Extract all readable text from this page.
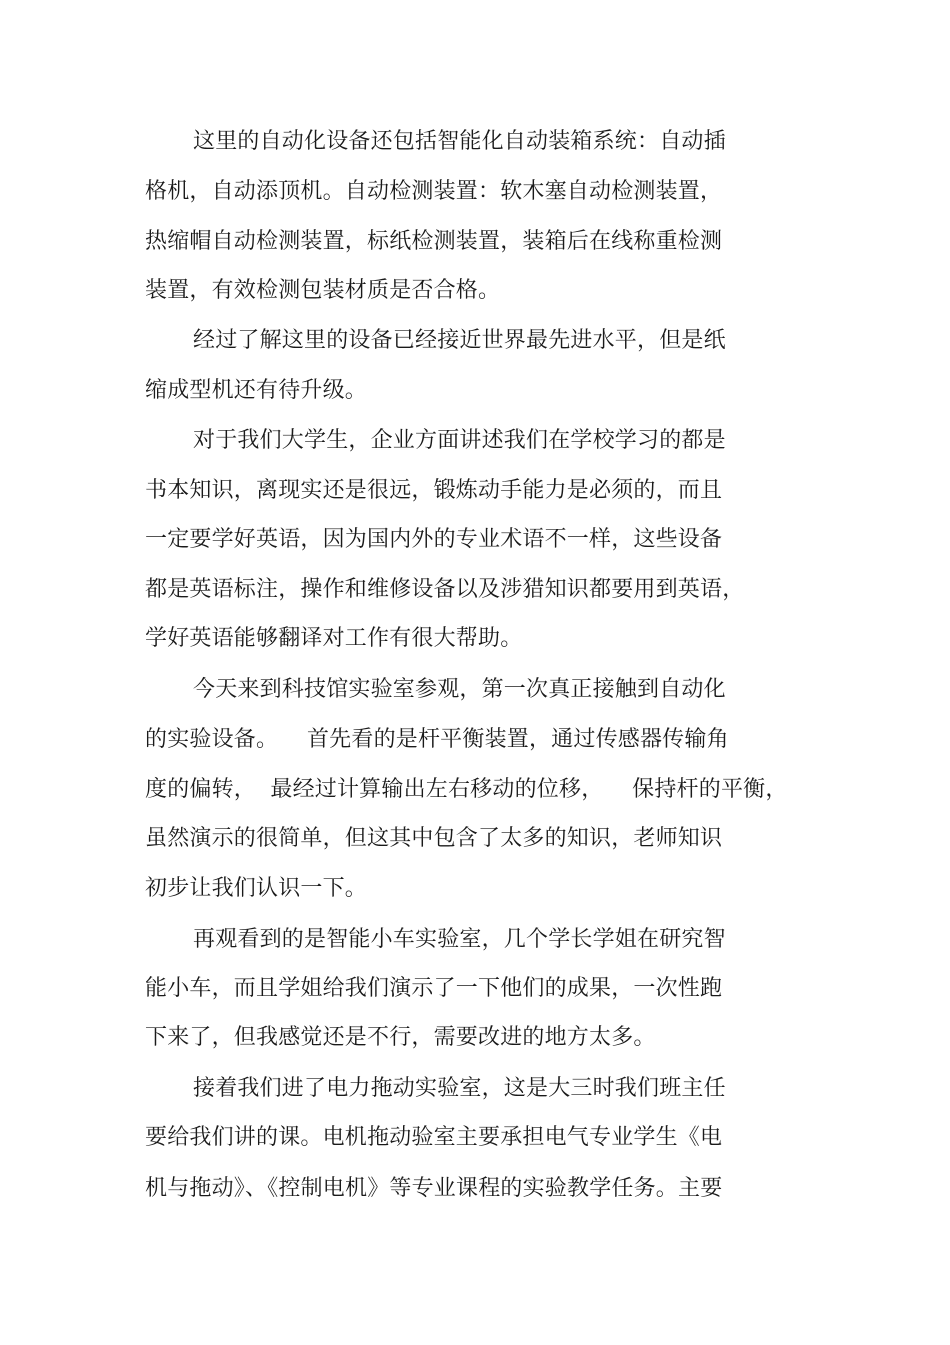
这里的自动化设备还包括智能化自动装箱系统：自动插
格机，自动添顶机。自动检测装置：软木塞自动检测装置，
热缩帽自动检测装置，标纸检测装置，装箱后在线称重检测
装置，有效检测包装材质是否合格。
经过了解这里的设备已经接近世界最先进水平，但是纸
缩成型机还有待升级。
对于我们大学生，企业方面讲述我们在学校学习的都是
书本知识，离现实还是很远，锻炼动手能力是必须的，而且
一定要学好英语，因为国内外的专业术语不一样，这些设备
都是英语标注，操作和维修设备以及涉猎知识都要用到英语，
学好英语能够翻译对工作有很大帮助。
今天来到科技馆实验室参观，第一次真正接触到自动化
的实验设备。    首先看的是杆平衡装置，通过传感器传输角
度的偏转，  最经过计算输出左右移动的位移，    保持杆的平衡，
虽然演示的很简单，但这其中包含了太多的知识，老师知识
初步让我们认识一下。
再观看到的是智能小车实验室，几个学长学姐在研究智
能小车，而且学姐给我们演示了一下他们的成果，一次性跑
下来了，但我感觉还是不行，需要改进的地方太多。
接着我们进了电力拖动实验室，这是大三时我们班主任
要给我们讲的课。电机拖动验室主要承担电气专业学生《电
机与拖动》、《控制电机》等专业课程的实验教学任务。主要
